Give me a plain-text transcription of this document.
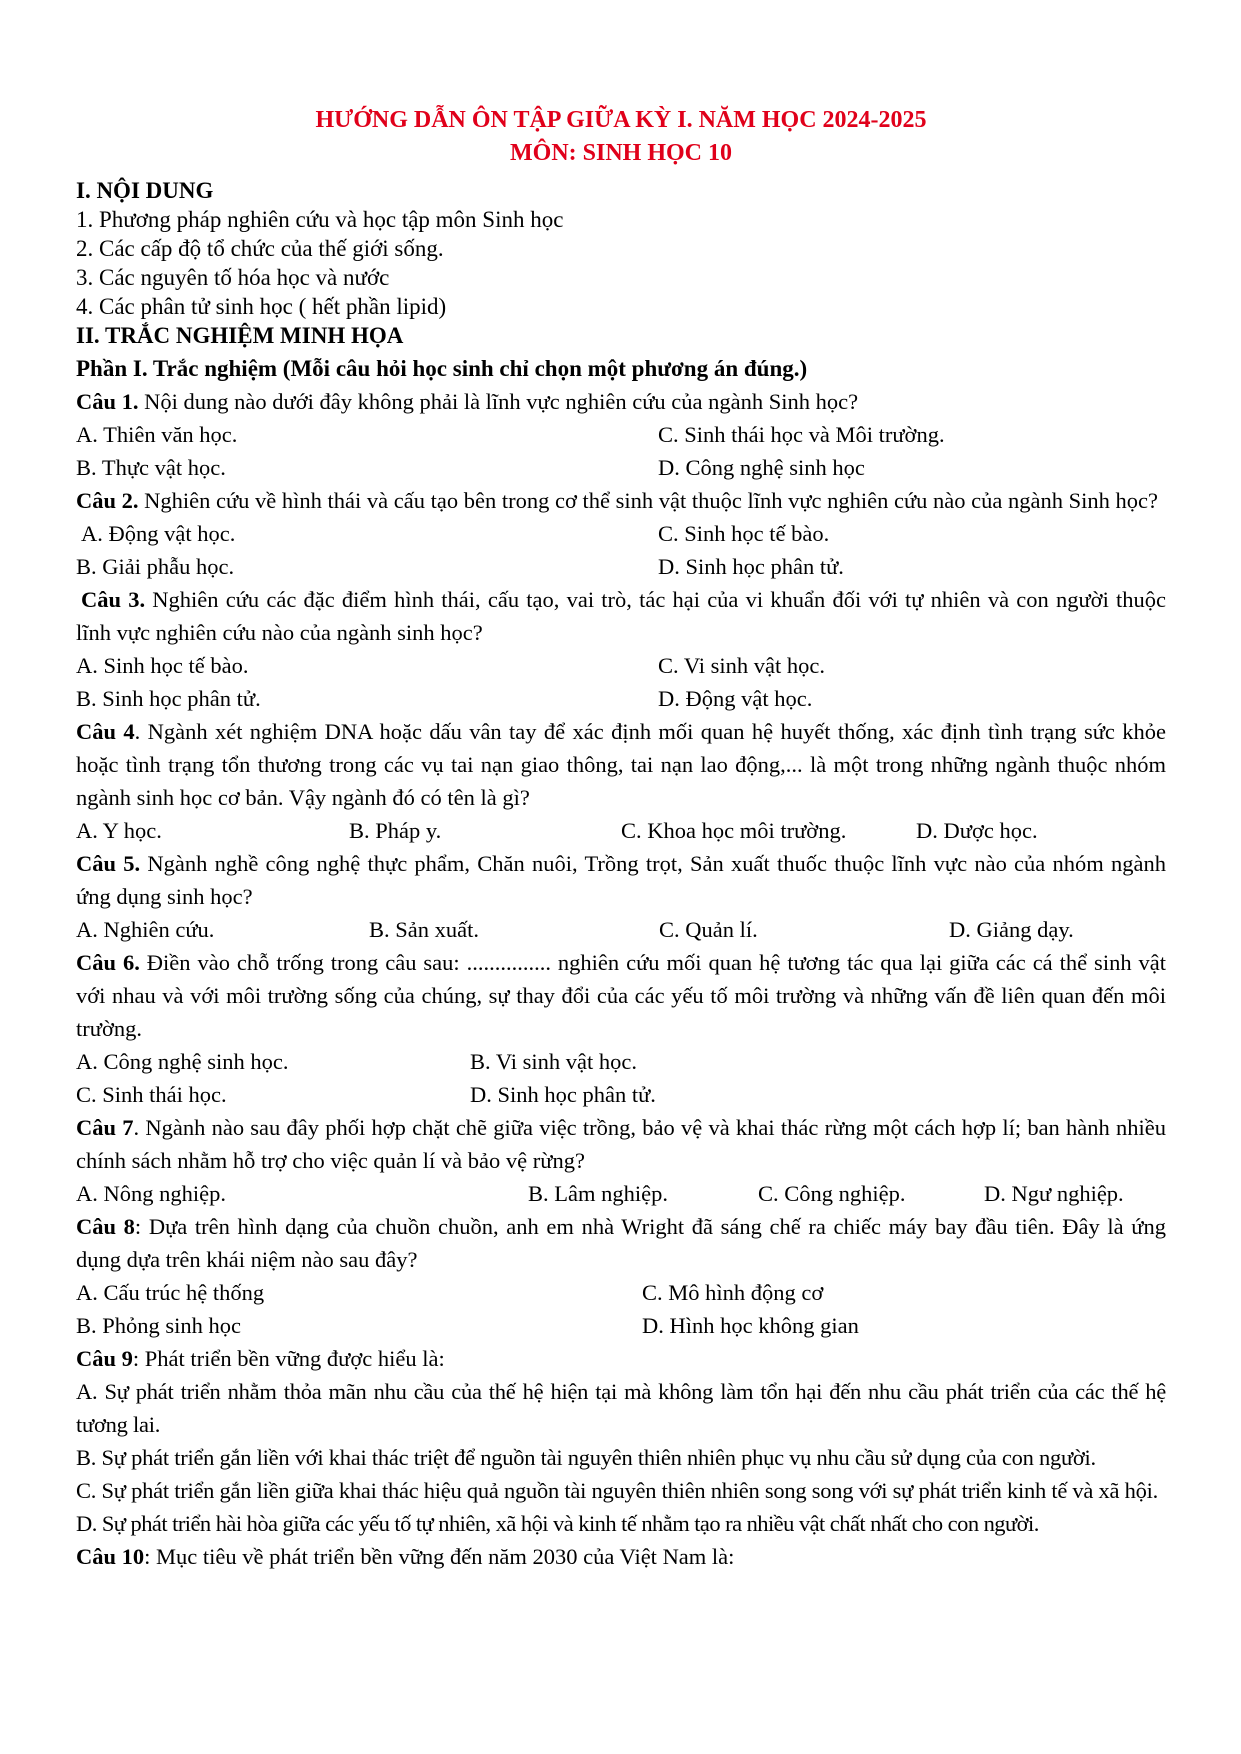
HƯỚNG DẪN ÔN TẬP GIỮA KỲ I. NĂM HỌC 2024-2025
MÔN: SINH HỌC 10
I. NỘI DUNG
1. Phương pháp nghiên cứu và học tập môn Sinh học
2. Các cấp độ tổ chức của thế giới sống.
3. Các nguyên tố hóa học và nước
4. Các phân tử sinh học ( hết phần lipid)
II. TRẮC NGHIỆM MINH HỌA
Phần I. Trắc nghiệm (Mỗi câu hỏi học sinh chỉ chọn một phương án đúng.)
Câu 1. Nội dung nào dưới đây không phải là lĩnh vực nghiên cứu của ngành Sinh học?
A. Thiên văn học.	C. Sinh thái học và Môi trường.
B. Thực vật học.	D. Công nghệ sinh học
Câu 2. Nghiên cứu về hình thái và cấu tạo bên trong cơ thể sinh vật thuộc lĩnh vực nghiên cứu nào của ngành Sinh học?
A. Động vật học.	C. Sinh học tế bào.
B. Giải phẫu học.	D. Sinh học phân tử.
Câu 3. Nghiên cứu các đặc điểm hình thái, cấu tạo, vai trò, tác hại của vi khuẩn đối với tự nhiên và con người thuộc lĩnh vực nghiên cứu nào của ngành sinh học?
A. Sinh học tế bào.	C. Vi sinh vật học.
B. Sinh học phân tử.	D. Động vật học.
Câu 4. Ngành xét nghiệm DNA hoặc dấu vân tay để xác định mối quan hệ huyết thống, xác định tình trạng sức khỏe hoặc tình trạng tổn thương trong các vụ tai nạn giao thông, tai nạn lao động,... là một trong những ngành thuộc nhóm ngành sinh học cơ bản. Vậy ngành đó có tên là gì?
A. Y học.	B. Pháp y.	C. Khoa học môi trường.	D. Dược học.
Câu 5. Ngành nghề công nghệ thực phẩm, Chăn nuôi, Trồng trọt, Sản xuất thuốc thuộc lĩnh vực nào của nhóm ngành ứng dụng sinh học?
A. Nghiên cứu.	B. Sản xuất.	C. Quản lí.	D. Giảng dạy.
Câu 6. Điền vào chỗ trống trong câu sau: ............... nghiên cứu mối quan hệ tương tác qua lại giữa các cá thể sinh vật với nhau và với môi trường sống của chúng, sự thay đổi của các yếu tố môi trường và những vấn đề liên quan đến môi trường.
A. Công nghệ sinh học.	B. Vi sinh vật học.
C. Sinh thái học.	D. Sinh học phân tử.
Câu 7. Ngành nào sau đây phối hợp chặt chẽ giữa việc trồng, bảo vệ và khai thác rừng một cách hợp lí; ban hành nhiều chính sách nhằm hỗ trợ cho việc quản lí và bảo vệ rừng?
A. Nông nghiệp.	B. Lâm nghiệp.	C. Công nghiệp.	D. Ngư nghiệp.
Câu 8: Dựa trên hình dạng của chuồn chuồn, anh em nhà Wright đã sáng chế ra chiếc máy bay đầu tiên. Đây là ứng dụng dựa trên khái niệm nào sau đây?
A. Cấu trúc hệ thống	C. Mô hình động cơ
B. Phỏng sinh học	D. Hình học không gian
Câu 9: Phát triển bền vững được hiểu là:
A. Sự phát triển nhằm thỏa mãn nhu cầu của thế hệ hiện tại mà không làm tổn hại đến nhu cầu phát triển của các thế hệ tương lai.
B. Sự phát triển gắn liền với khai thác triệt để nguồn tài nguyên thiên nhiên phục vụ nhu cầu sử dụng của con người.
C. Sự phát triển gắn liền giữa khai thác hiệu quả nguồn tài nguyên thiên nhiên song song với sự phát triển kinh tế và xã hội.
D. Sự phát triển hài hòa giữa các yếu tố tự nhiên, xã hội và kinh tế nhằm tạo ra nhiều vật chất nhất cho con người.
Câu 10: Mục tiêu về phát triển bền vững đến năm 2030 của Việt Nam là:
